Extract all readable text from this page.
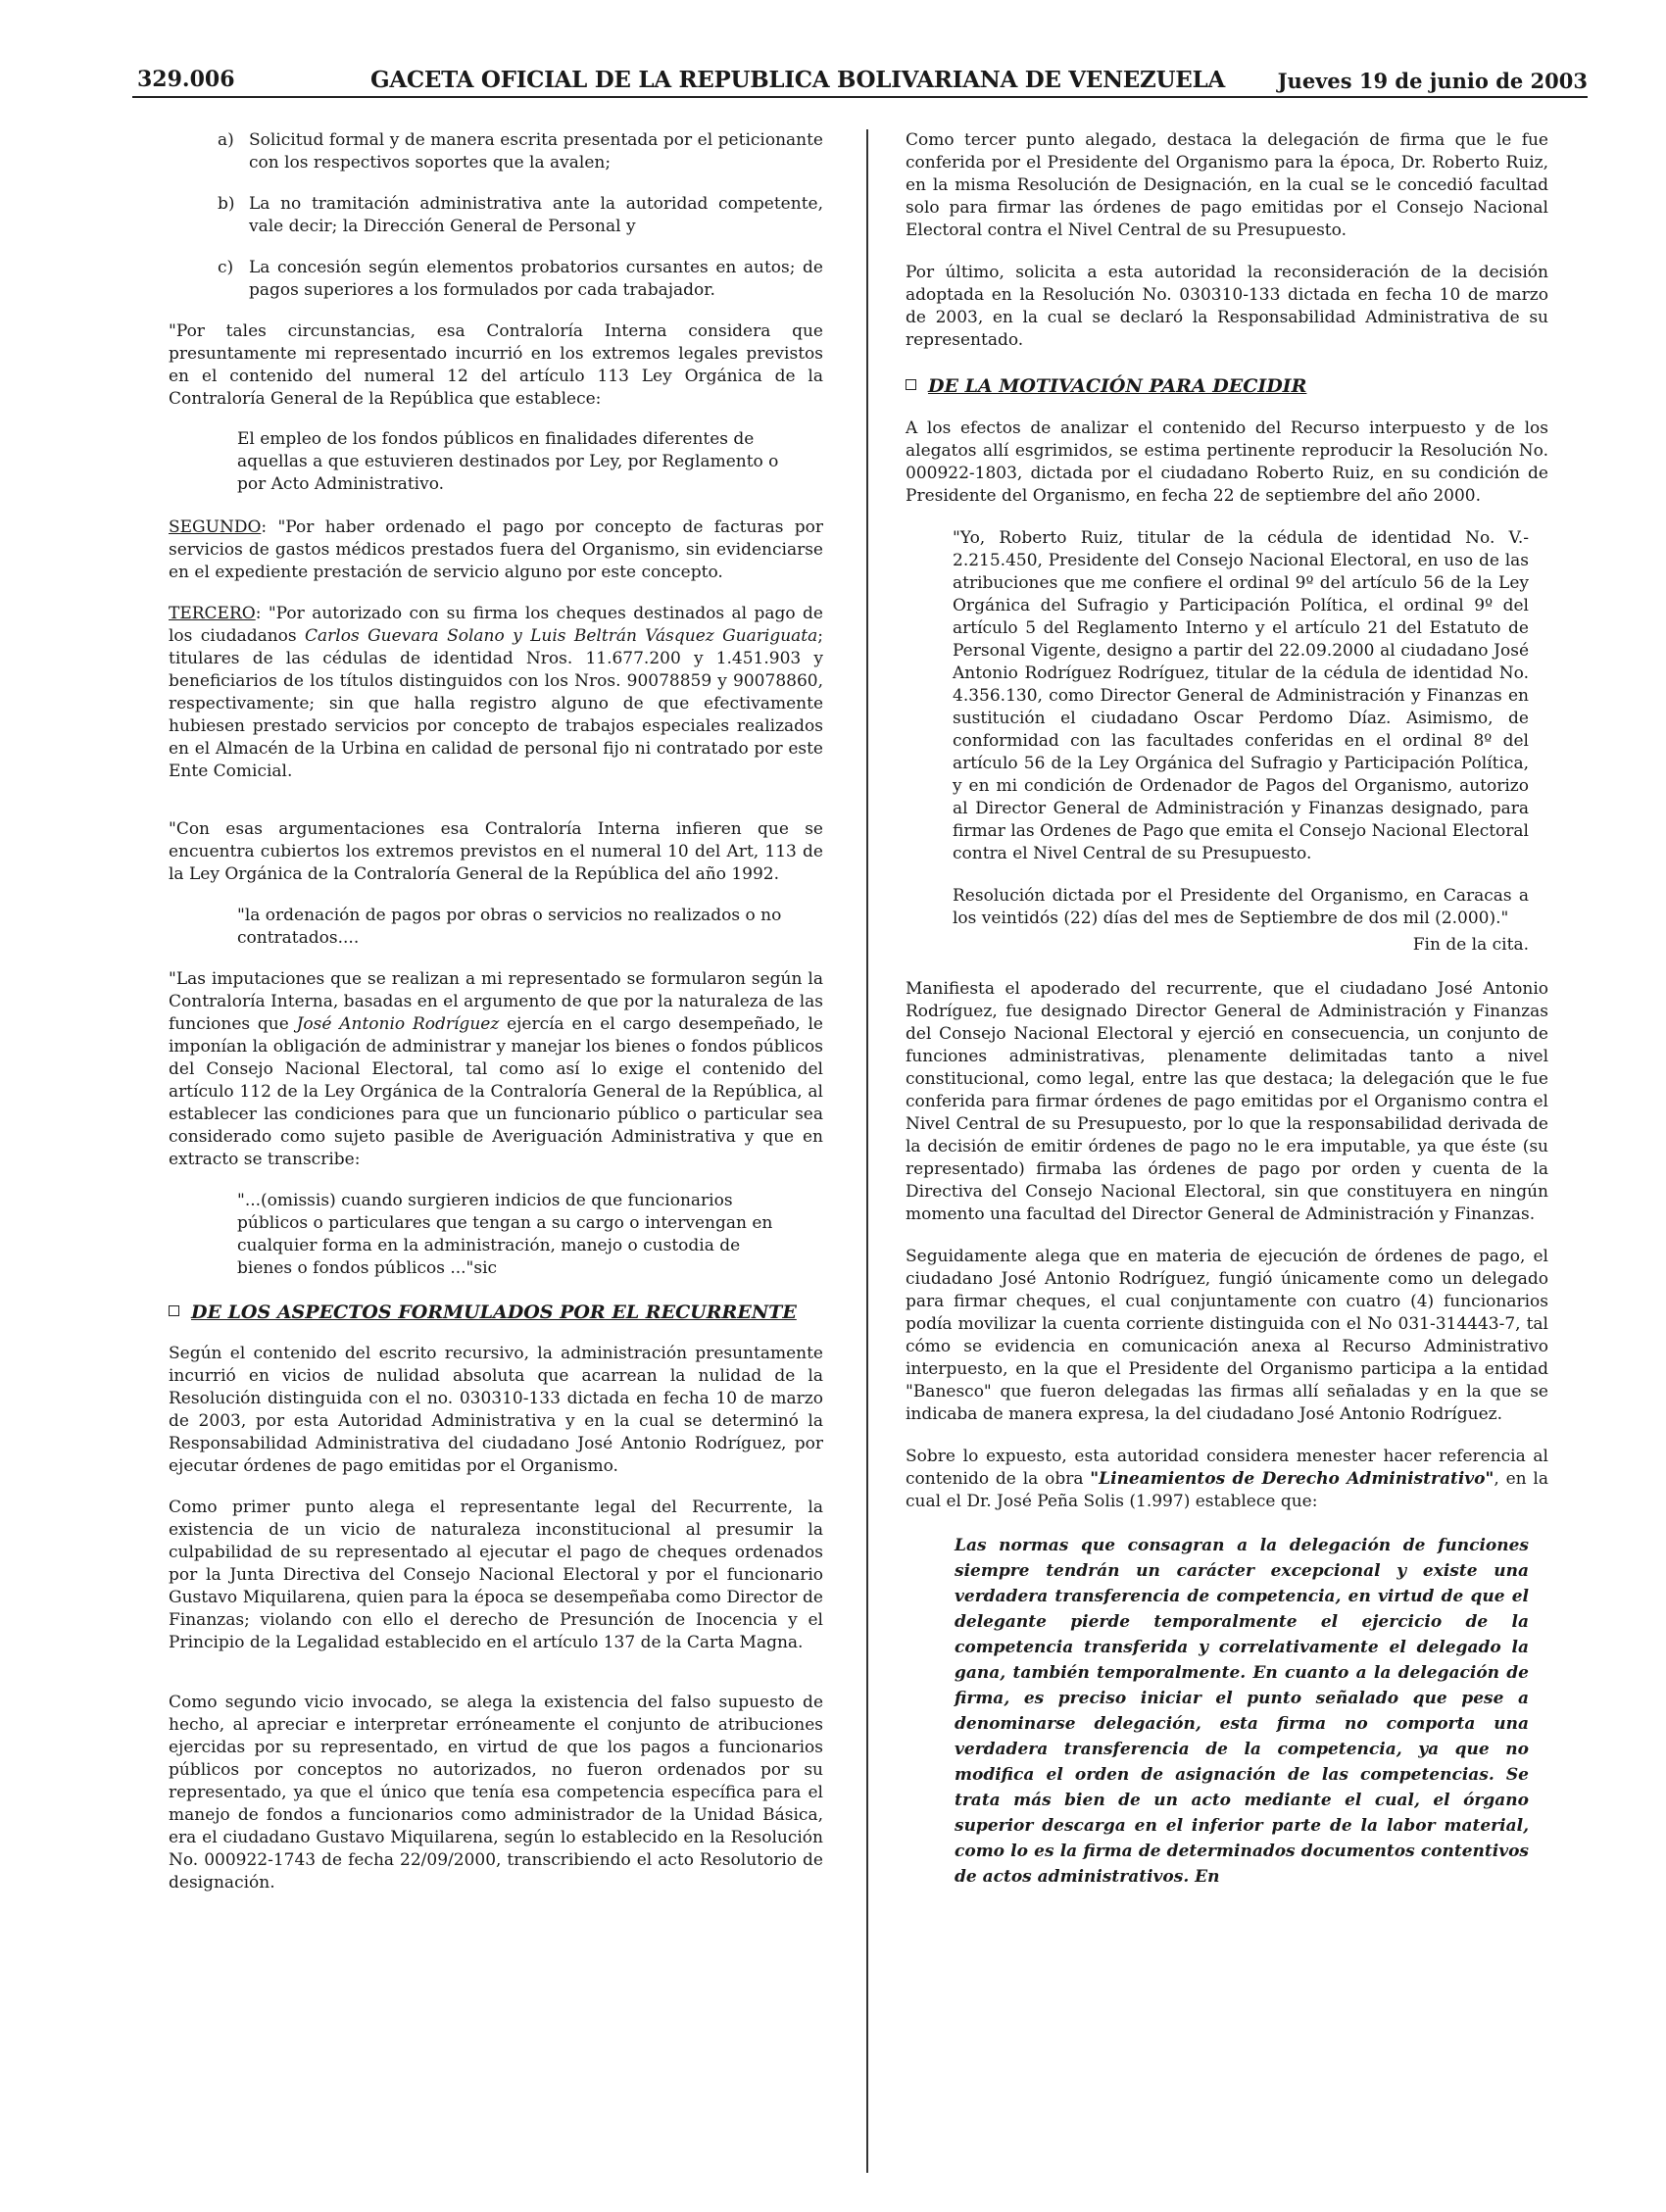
329.006	GACETA OFICIAL DE LA REPUBLICA BOLIVARIANA DE VENEZUELA	Jueves 19 de junio de 2003
a) Solicitud formal y de manera escrita presentada por el peticionante con los respectivos soportes que la avalen;
b) La no tramitación administrativa ante la autoridad competente, vale decir; la Dirección General de Personal y
c) La concesión según elementos probatorios cursantes en autos; de pagos superiores a los formulados por cada trabajador.

"Por tales circunstancias, esa Contraloría Interna considera que presuntamente mi representado incurrió en los extremos legales previstos en el contenido del numeral 12 del artículo 113 Ley Orgánica de la Contraloría General de la República que establece:

El empleo de los fondos públicos en finalidades diferentes de aquellas a que estuvieren destinados por Ley, por Reglamento o por Acto Administrativo.

SEGUNDO: "Por haber ordenado el pago por concepto de facturas por servicios de gastos médicos prestados fuera del Organismo, sin evidenciarse en el expediente prestación de servicio alguno por este concepto.

TERCERO: "Por autorizado con su firma los cheques destinados al pago de los ciudadanos Carlos Guevara Solano y Luis Beltrán Vásquez Guariguata; titulares de las cédulas de identidad Nros. 11.677.200 y 1.451.903 y beneficiarios de los títulos distinguidos con los Nros. 90078859 y 90078860, respectivamente; sin que halla registro alguno de que efectivamente hubiesen prestado servicios por concepto de trabajos especiales realizados en el Almacén de la Urbina en calidad de personal fijo ni contratado por este Ente Comicial.

"Con esas argumentaciones esa Contraloría Interna infieren que se encuentra cubiertos los extremos previstos en el numeral 10 del Art, 113 de la Ley Orgánica de la Contraloría General de la República del año 1992.

"la ordenación de pagos por obras o servicios no realizados o no contratados....

"Las imputaciones que se realizan a mi representado se formularon según la Contraloría Interna, basadas en el argumento de que por la naturaleza de las funciones que José Antonio Rodríguez ejercía en el cargo desempeñado, le imponían la obligación de administrar y manejar los bienes o fondos públicos del Consejo Nacional Electoral, tal como así lo exige el contenido del artículo 112 de la Ley Orgánica de la Contraloría General de la República, al establecer las condiciones para que un funcionario público o particular sea considerado como sujeto pasible de Averiguación Administrativa y que en extracto se transcribe:

"...(omissis) cuando surgieren indicios de que funcionarios públicos o particulares que tengan a su cargo o intervengan en cualquier forma en la administración, manejo o custodia de bienes o fondos públicos ..."sic

DE LOS ASPECTOS FORMULADOS POR EL RECURRENTE

Según el contenido del escrito recursivo, la administración presuntamente incurrió en vicios de nulidad absoluta que acarrean la nulidad de la Resolución distinguida con el no. 030310-133 dictada en fecha 10 de marzo de 2003, por esta Autoridad Administrativa y en la cual se determinó la Responsabilidad Administrativa del ciudadano José Antonio Rodríguez, por ejecutar órdenes de pago emitidas por el Organismo.

Como primer punto alega el representante legal del Recurrente, la existencia de un vicio de naturaleza inconstitucional al presumir la culpabilidad de su representado al ejecutar el pago de cheques ordenados por la Junta Directiva del Consejo Nacional Electoral y por el funcionario Gustavo Miquilarena, quien para la época se desempeñaba como Director de Finanzas; violando con ello el derecho de Presunción de Inocencia y el Principio de la Legalidad establecido en el artículo 137 de la Carta Magna.

Como segundo vicio invocado, se alega la existencia del falso supuesto de hecho, al apreciar e interpretar erróneamente el conjunto de atribuciones ejercidas por su representado, en virtud de que los pagos a funcionarios públicos por conceptos no autorizados, no fueron ordenados por su representado, ya que el único que tenía esa competencia específica para el manejo de fondos a funcionarios como administrador de la Unidad Básica, era el ciudadano Gustavo Miquilarena, según lo establecido en la Resolución No. 000922-1743 de fecha 22/09/2000, transcribiendo el acto Resolutorio de designación.

Como tercer punto alegado, destaca la delegación de firma que le fue conferida por el Presidente del Organismo para la época, Dr. Roberto Ruiz, en la misma Resolución de Designación, en la cual se le concedió facultad solo para firmar las órdenes de pago emitidas por el Consejo Nacional Electoral contra el Nivel Central de su Presupuesto.

Por último, solicita a esta autoridad la reconsideración de la decisión adoptada en la Resolución No. 030310-133 dictada en fecha 10 de marzo de 2003, en la cual se declaró la Responsabilidad Administrativa de su representado.

DE LA MOTIVACIÓN PARA DECIDIR

A los efectos de analizar el contenido del Recurso interpuesto y de los alegatos allí esgrimidos, se estima pertinente reproducir la Resolución No. 000922-1803, dictada por el ciudadano Roberto Ruiz, en su condición de Presidente del Organismo, en fecha 22 de septiembre del año 2000.

"Yo, Roberto Ruiz, titular de la cédula de identidad No. V.- 2.215.450, Presidente del Consejo Nacional Electoral, en uso de las atribuciones que me confiere el ordinal 9º del artículo 56 de la Ley Orgánica del Sufragio y Participación Política, el ordinal 9º del artículo 5 del Reglamento Interno y el artículo 21 del Estatuto de Personal Vigente, designo a partir del 22.09.2000 al ciudadano José Antonio Rodríguez Rodríguez, titular de la cédula de identidad No. 4.356.130, como Director General de Administración y Finanzas en sustitución el ciudadano Oscar Perdomo Díaz. Asimismo, de conformidad con las facultades conferidas en el ordinal 8º del artículo 56 de la Ley Orgánica del Sufragio y Participación Política, y en mi condición de Ordenador de Pagos del Organismo, autorizo al Director General de Administración y Finanzas designado, para firmar las Ordenes de Pago que emita el Consejo Nacional Electoral contra el Nivel Central de su Presupuesto.

Resolución dictada por el Presidente del Organismo, en Caracas a los veintidós (22) días del mes de Septiembre de dos mil (2.000)."

Fin de la cita.

Manifiesta el apoderado del recurrente, que el ciudadano José Antonio Rodríguez, fue designado Director General de Administración y Finanzas del Consejo Nacional Electoral y ejerció en consecuencia, un conjunto de funciones administrativas, plenamente delimitadas tanto a nivel constitucional, como legal, entre las que destaca; la delegación que le fue conferida para firmar órdenes de pago emitidas por el Organismo contra el Nivel Central de su Presupuesto, por lo que la responsabilidad derivada de la decisión de emitir órdenes de pago no le era imputable, ya que éste (su representado) firmaba las órdenes de pago por orden y cuenta de la Directiva del Consejo Nacional Electoral, sin que constituyera en ningún momento una facultad del Director General de Administración y Finanzas.

Seguidamente alega que en materia de ejecución de órdenes de pago, el ciudadano José Antonio Rodríguez, fungió únicamente como un delegado para firmar cheques, el cual conjuntamente con cuatro (4) funcionarios podía movilizar la cuenta corriente distinguida con el No 031-314443-7, tal cómo se evidencia en comunicación anexa al Recurso Administrativo interpuesto, en la que el Presidente del Organismo participa a la entidad "Banesco" que fueron delegadas las firmas allí señaladas y en la que se indicaba de manera expresa, la del ciudadano José Antonio Rodríguez.

Sobre lo expuesto, esta autoridad considera menester hacer referencia al contenido de la obra "Lineamientos de Derecho Administrativo", en la cual el Dr. José Peña Solis (1.997) establece que:

Las normas que consagran a la delegación de funciones siempre tendrán un carácter excepcional y existe una verdadera transferencia de competencia, en virtud de que el delegante pierde temporalmente el ejercicio de la competencia transferida y correlativamente el delegado la gana, también temporalmente. En cuanto a la delegación de firma, es preciso iniciar el punto señalado que pese a denominarse delegación, esta firma no comporta una verdadera transferencia de la competencia, ya que no modifica el orden de asignación de las competencias. Se trata más bien de un acto mediante el cual, el órgano superior descarga en el inferior parte de la labor material, como lo es la firma de determinados documentos contentivos de actos administrativos. En
